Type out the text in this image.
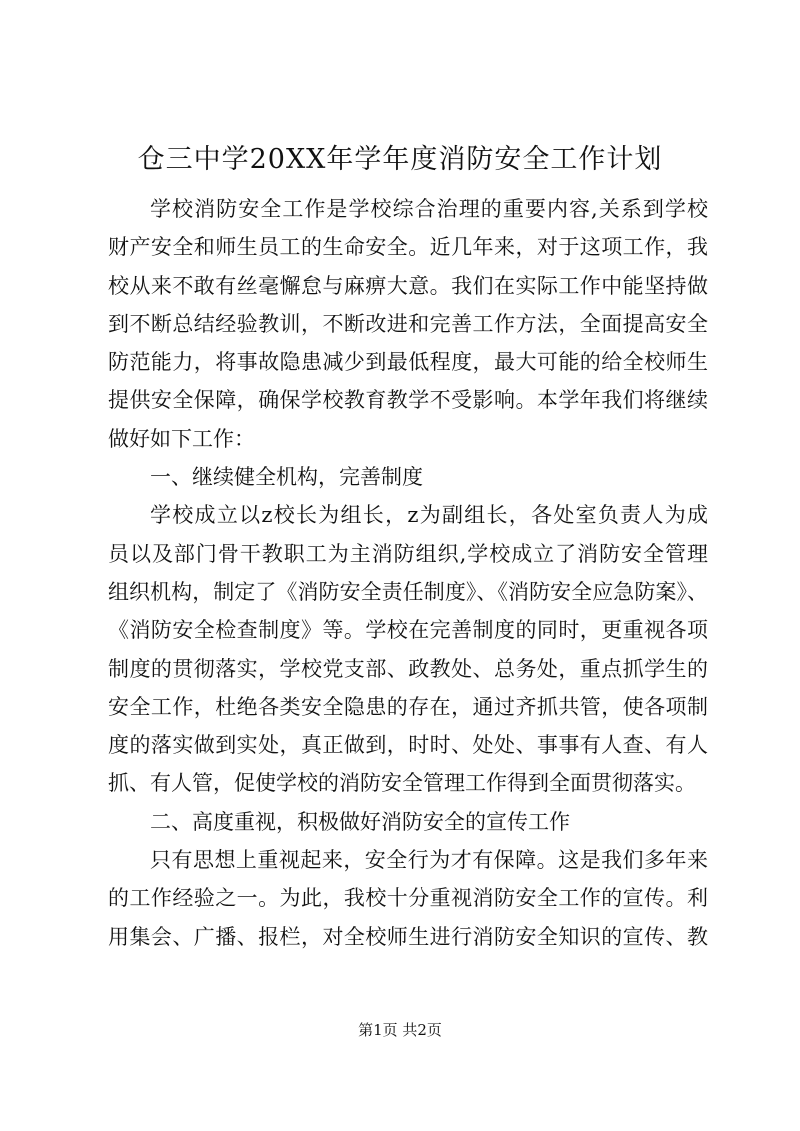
仓三中学20XX年学年度消防安全工作计划
学校消防安全工作是学校综合治理的重要内容,关系到学校
财产安全和师生员工的生命安全。近几年来，对于这项工作，我
校从来不敢有丝毫懈怠与麻痹大意。我们在实际工作中能坚持做
到不断总结经验教训，不断改进和完善工作方法，全面提高安全
防范能力，将事故隐患减少到最低程度，最大可能的给全校师生
提供安全保障，确保学校教育教学不受影响。本学年我们将继续
做好如下工作：
一、继续健全机构，完善制度
学校成立以z校长为组长，z为副组长，各处室负责人为成
员以及部门骨干教职工为主消防组织,学校成立了消防安全管理
组织机构，制定了《消防安全责任制度》、《消防安全应急防案》、
《消防安全检查制度》等。学校在完善制度的同时，更重视各项
制度的贯彻落实，学校党支部、政教处、总务处，重点抓学生的
安全工作，杜绝各类安全隐患的存在，通过齐抓共管，使各项制
度的落实做到实处，真正做到，时时、处处、事事有人查、有人
抓、有人管，促使学校的消防安全管理工作得到全面贯彻落实。
二、高度重视，积极做好消防安全的宣传工作
只有思想上重视起来，安全行为才有保障。这是我们多年来
的工作经验之一。为此，我校十分重视消防安全工作的宣传。利
用集会、广播、报栏，对全校师生进行消防安全知识的宣传、教
第1页 共2页
